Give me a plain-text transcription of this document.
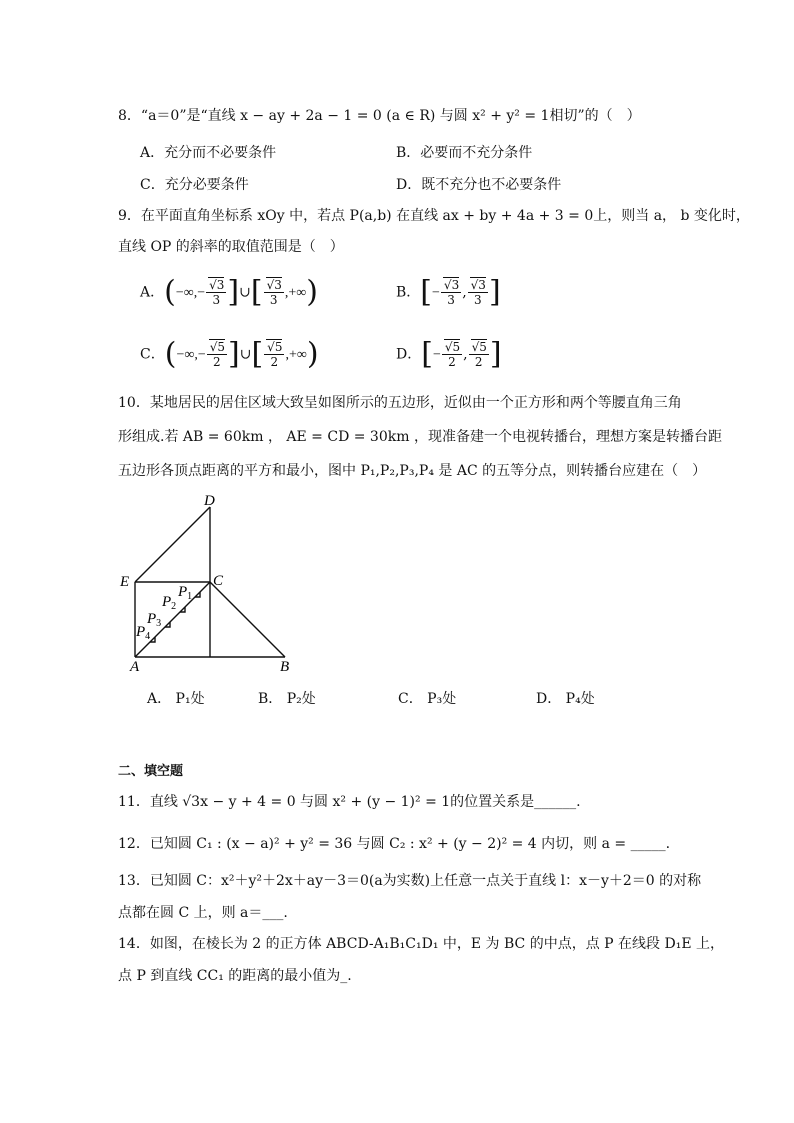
8．“a＝0”是“直线 x − ay + 2a − 1 = 0 (a ∈ R) 与圆 x² + y² = 1相切”的（　）
A．充分而不必要条件	B．必要而不充分条件
C．充分必要条件	D．既不充分也不必要条件
9．在平面直角坐标系 xOy 中，若点 P(a,b) 在直线 ax + by + 4a + 3 = 0上，则当 a， b 变化时，
直线 OP 的斜率的取值范围是（　）
A．(−∞,− $\frac{√3}{3}$ ]∪[ $\frac{√3}{3}$ ,+∞)	B．[− $\frac{√3}{3}$ , $\frac{√3}{3}$ ]
C．(−∞,− $\frac{√5}{2}$ ]∪[ $\frac{√5}{2}$ ,+∞)	D．[− $\frac{√5}{2}$ , $\frac{√5}{2}$ ]
10．某地居民的居住区域大致呈如图所示的五边形，近似由一个正方形和两个等腰直角三角
形组成.若 AB = 60km ， AE = CD = 30km ，现准备建一个电视转播台，理想方案是转播台距
五边形各顶点距离的平方和最小，图中 P₁,P₂,P₃,P₄ 是 AC 的五等分点，则转播台应建在（　）
D
E	C
A	B
$P_1$
$P_2$
$P_3$
$P_4$
A． P₁处	B． P₂处	C． P₃处	D． P₄处
二、填空题
11．直线 √3x − y + 4 = 0 与圆 x² + (y − 1)² = 1的位置关系是______.
12．已知圆 C₁ : (x − a)² + y² = 36 与圆 C₂ : x² + (y − 2)² = 4 内切，则 a = _____.
13．已知圆 C：x²＋y²＋2x＋ay－3＝0(a为实数)上任意一点关于直线 l：x－y＋2＝0 的对称
点都在圆 C 上，则 a＝___.
14．如图，在棱长为 2 的正方体 ABCD-A₁B₁C₁D₁ 中，E 为 BC 的中点，点 P 在线段 D₁E 上，
点 P 到直线 CC₁ 的距离的最小值为_.
